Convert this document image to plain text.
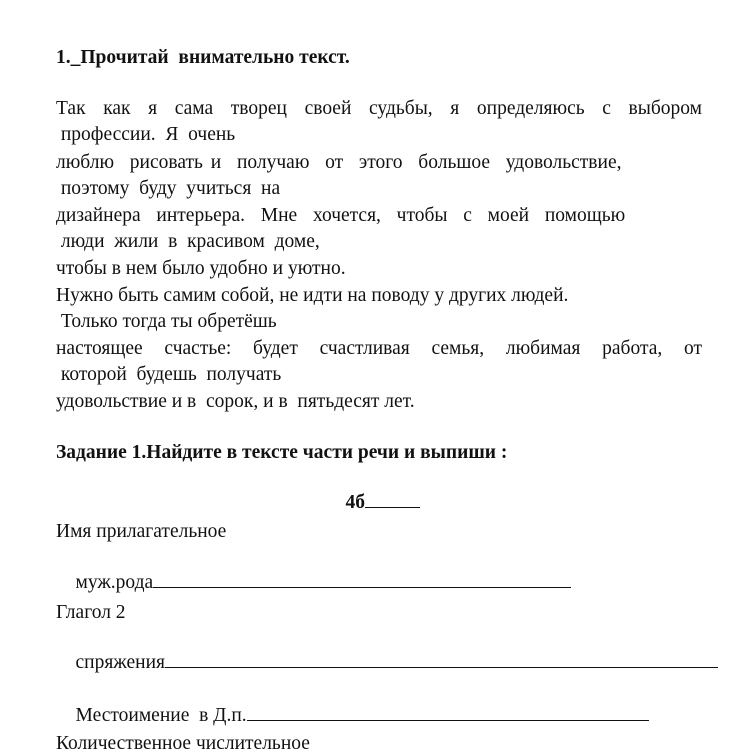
1._Прочитай  внимательно текст.
Так как я сама творец своей судьбы, я определяюсь с выбором
профессии.  Я  очень
люблю  рисовать и  получаю  от  этого  большое  удовольствие,
поэтому  буду  учиться  на
дизайнера  интерьера.  Мне  хочется,  чтобы  с  моей  помощью
люди  жили  в  красивом  доме,
чтобы в нем было удобно и уютно.
Нужно быть самим собой, не идти на поводу у других людей.
Только тогда ты обретёшь
настоящее счастье: будет счастливая семья, любимая работа, от
которой  будешь  получать
удовольствие и в  сорок, и в  пятьдесят лет.
Задание 1.Найдите в тексте части речи и выпиши :

4б

Имя прилагательное

муж.рода

Глагол 2

спряжения

Местоимение  в Д.п.

Количественное числительное
